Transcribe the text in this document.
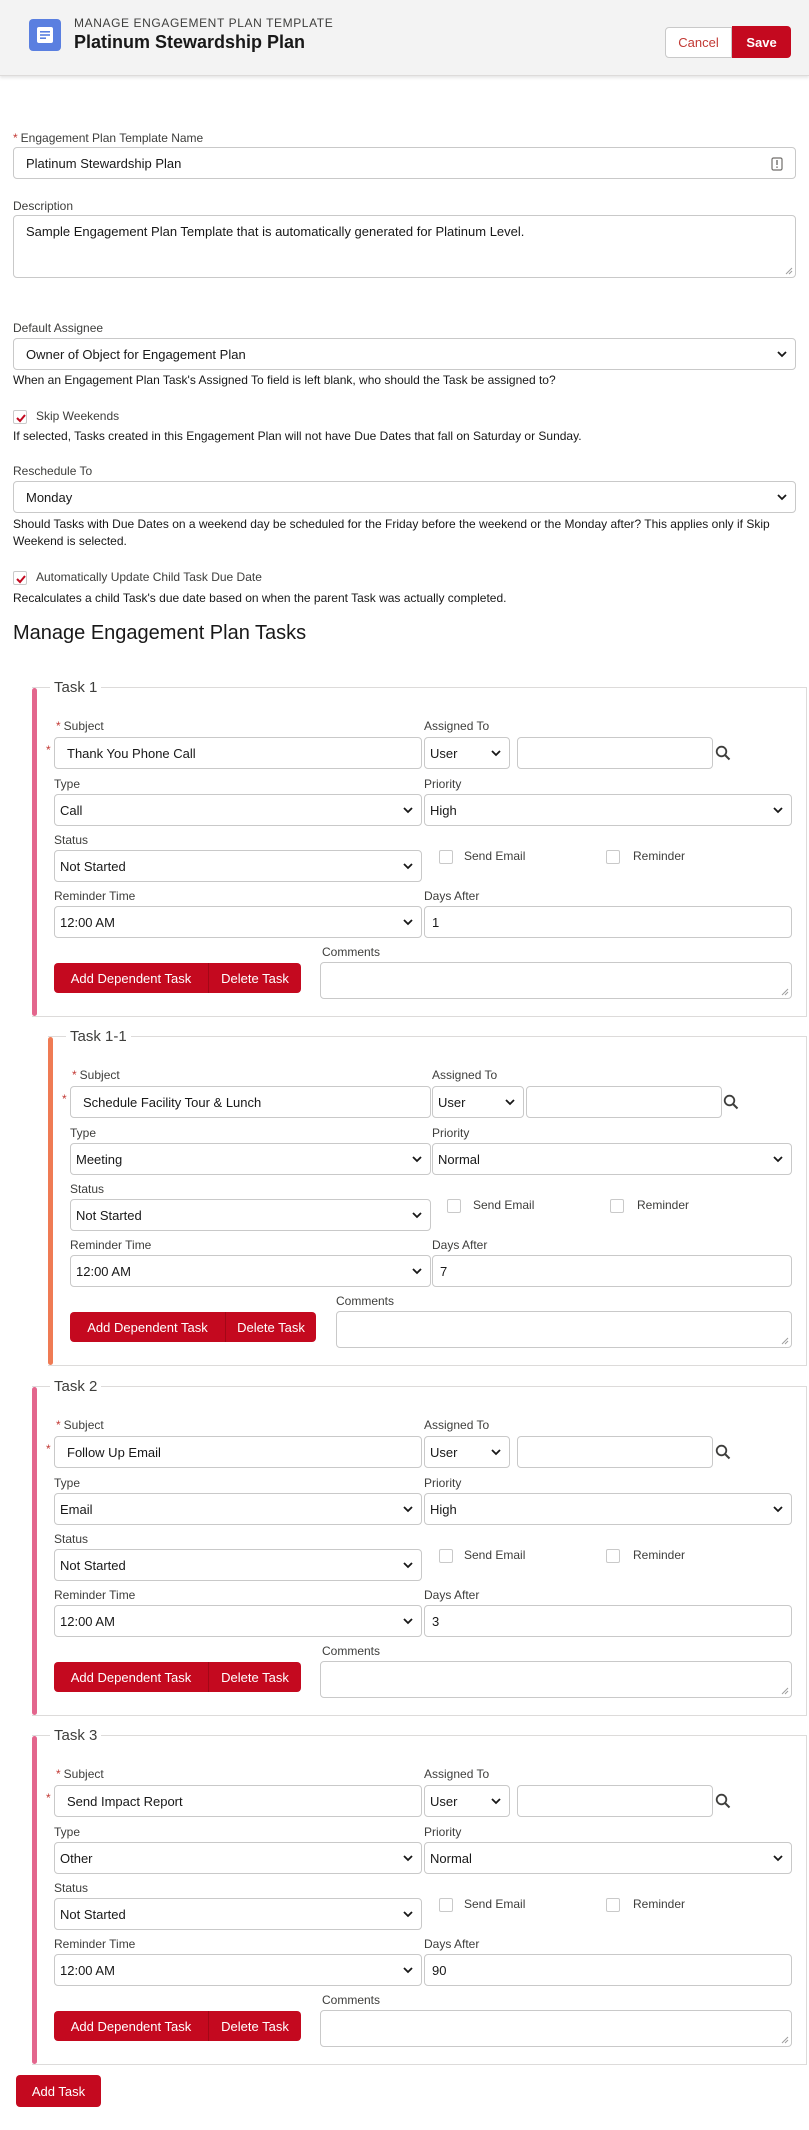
MANAGE ENGAGEMENT PLAN TEMPLATE
Platinum Stewardship Plan	Cancel	Save
* Engagement Plan Template Name
Platinum Stewardship Plan
Description
Sample Engagement Plan Template that is automatically generated for Platinum Level.
Default Assignee
Owner of Object for Engagement Plan
When an Engagement Plan Task's Assigned To field is left blank, who should the Task be assigned to?
Skip Weekends
If selected, Tasks created in this Engagement Plan will not have Due Dates that fall on Saturday or Sunday.
Reschedule To
Monday
Should Tasks with Due Dates on a weekend day be scheduled for the Friday before the weekend or the Monday after? This applies only if Skip
Weekend is selected.
Automatically Update Child Task Due Date
Recalculates a child Task's due date based on when the parent Task was actually completed.
Manage Engagement Plan Tasks
Task 1
* Subject
* Thank You Phone Call
Assigned To
User
Type
Call
Priority
High
Status
Not Started
Send Email	Reminder
Reminder Time
12:00 AM
Days After
1
Comments
Add Dependent Task	Delete Task
Task 1-1
* Subject
* Schedule Facility Tour & Lunch
Assigned To
User
Type
Meeting
Priority
Normal
Status
Not Started
Send Email	Reminder
Reminder Time
12:00 AM
Days After
7
Comments
Add Dependent Task	Delete Task
Task 2
* Subject
* Follow Up Email
Assigned To
User
Type
Email
Priority
High
Status
Not Started
Send Email	Reminder
Reminder Time
12:00 AM
Days After
3
Comments
Add Dependent Task	Delete Task
Task 3
* Subject
* Send Impact Report
Assigned To
User
Type
Other
Priority
Normal
Status
Not Started
Send Email	Reminder
Reminder Time
12:00 AM
Days After
90
Comments
Add Dependent Task	Delete Task
Add Task
